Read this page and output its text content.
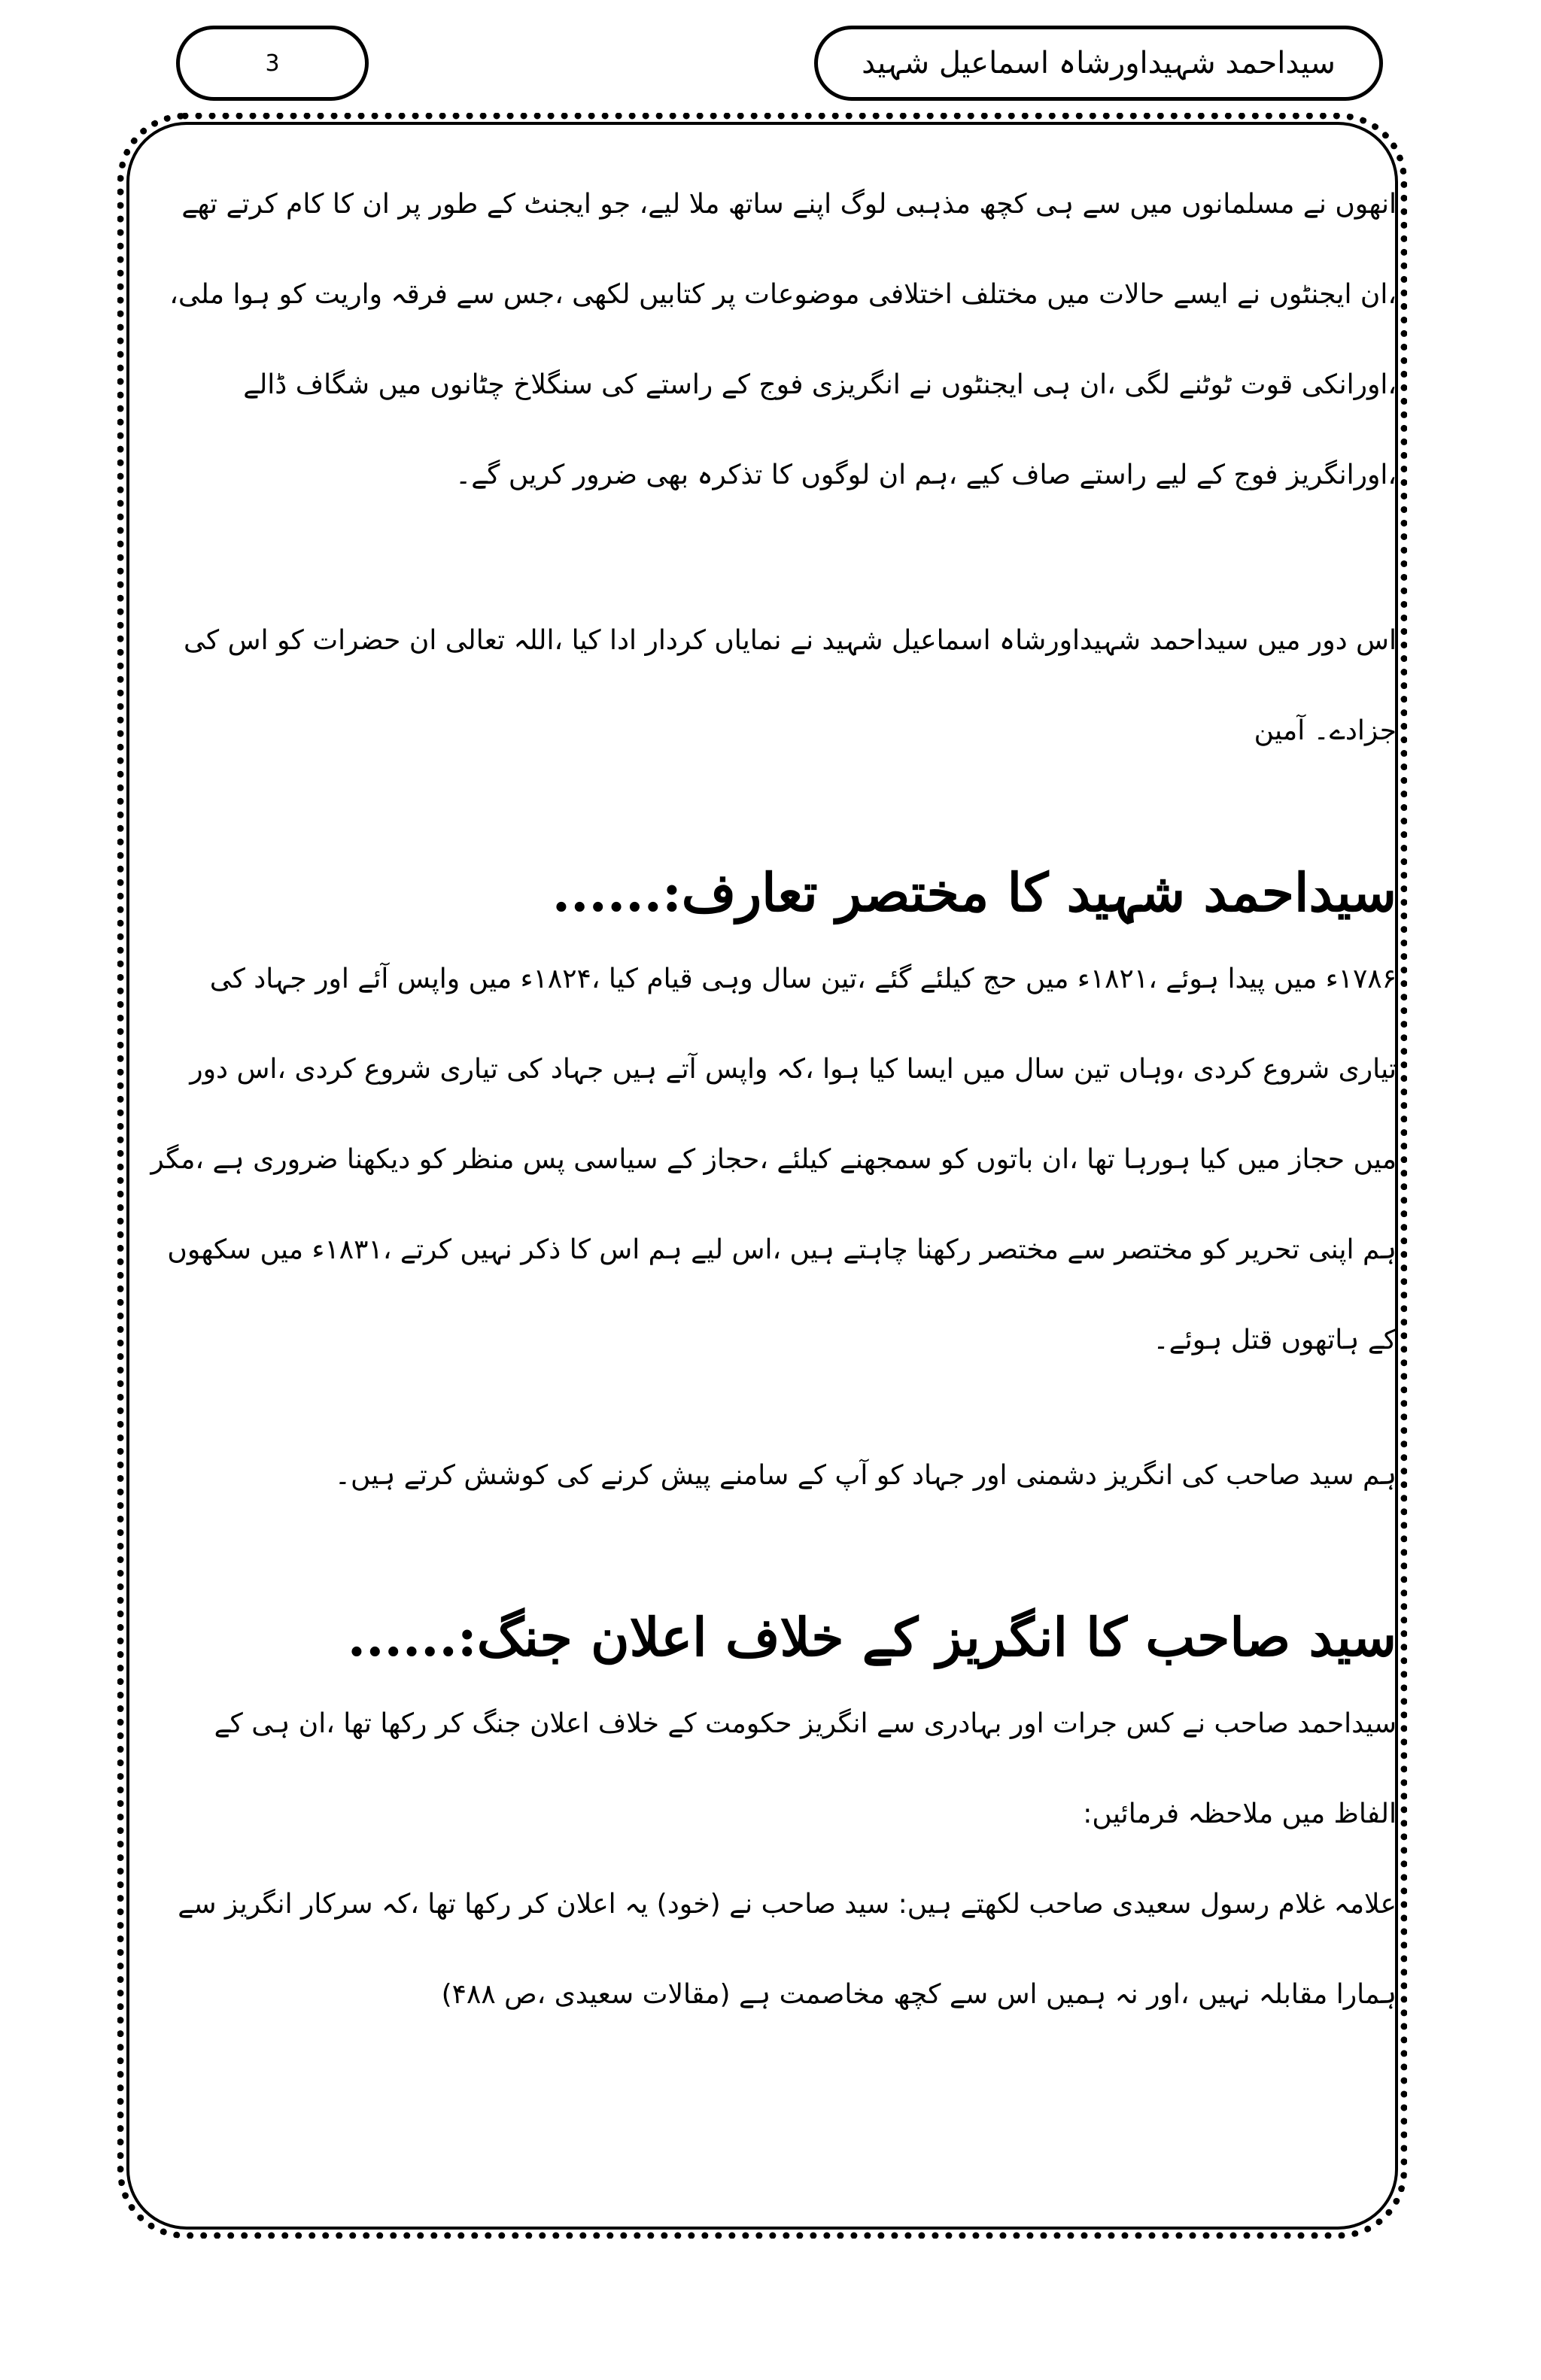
3	سیداحمد شہیداورشاہ اسماعیل شہید

انھوں نے مسلمانوں میں سے ہی کچھ مذہبی لوگ اپنے ساتھ ملا لیے، جو ایجنٹ کے طور پر ان کا کام کرتے تھے ،ان ایجنٹوں نے ایسے حالات میں مختلف اختلافی موضوعات پر کتابیں لکھی ،جس سے فرقہ واریت کو ہوا ملی، ،اورانکی قوت ٹوٹنے لگی ،ان ہی ایجنٹوں نے انگریزی فوج کے راستے کی سنگلاخ چٹانوں میں شگاف ڈالے ،اورانگریز فوج کے لیے راستے صاف کیے ،ہم ان لوگوں کا تذکرہ بھی ضرور کریں گے۔

اس دور میں سیداحمد شہیداورشاہ اسماعیل شہید نے نمایاں کردار ادا کیا ،اللہ تعالی ان حضرات کو اس کی جزادے۔ آمین

سیداحمد شہید کا مختصر تعارف:......

۱۷۸۶ء میں پیدا ہوئے ،۱۸۲۱ء میں حج کیلئے گئے ،تین سال وہی قیام کیا ،۱۸۲۴ء میں واپس آئے اور جہاد کی تیاری شروع کردی ،وہاں تین سال میں ایسا کیا ہوا ،کہ واپس آتے ہیں جہاد کی تیاری شروع کردی ،اس دور میں حجاز میں کیا ہورہا تھا ،ان باتوں کو سمجھنے کیلئے ،حجاز کے سیاسی پس منظر کو دیکھنا ضروری ہے ،مگر ہم اپنی تحریر کو مختصر سے مختصر رکھنا چاہتے ہیں ،اس لیے ہم اس کا ذکر نہیں کرتے ،۱۸۳۱ء میں سکھوں کے ہاتھوں قتل ہوئے۔

ہم سید صاحب کی انگریز دشمنی اور جہاد کو آپ کے سامنے پیش کرنے کی کوشش کرتے ہیں۔

سید صاحب کا انگریز کے خلاف اعلان جنگ:......

سیداحمد صاحب نے کس جرات اور بہادری سے انگریز حکومت کے خلاف اعلان جنگ کر رکھا تھا ،ان ہی کے الفاظ میں ملاحظہ فرمائیں:

علامہ غلام رسول سعیدی صاحب لکھتے ہیں: سید صاحب نے (خود) یہ اعلان کر رکھا تھا ،کہ سرکار انگریز سے ہمارا مقابلہ نہیں ،اور نہ ہمیں اس سے کچھ مخاصمت ہے (مقالات سعیدی ،ص ۴۸۸)
